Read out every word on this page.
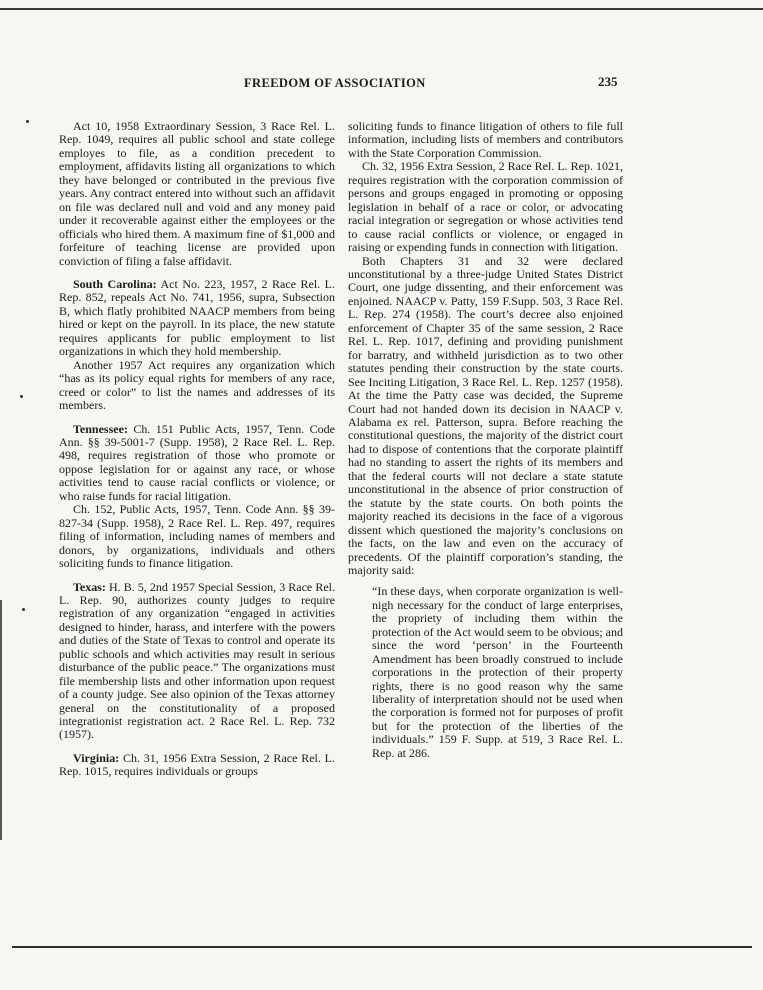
FREEDOM OF ASSOCIATION	235

Act 10, 1958 Extraordinary Session, 3 Race Rel. L. Rep. 1049, requires all public school and state college employes to file, as a condition precedent to employment, affidavits listing all organizations to which they have belonged or contributed in the previous five years. Any contract entered into without such an affidavit on file was declared null and void and any money paid under it recoverable against either the employees or the officials who hired them. A maximum fine of $1,000 and forfeiture of teaching license are provided upon conviction of filing a false affidavit.

South Carolina: Act No. 223, 1957, 2 Race Rel. L. Rep. 852, repeals Act No. 741, 1956, supra, Subsection B, which flatly prohibited NAACP members from being hired or kept on the payroll. In its place, the new statute requires applicants for public employment to list organizations in which they hold membership.

Another 1957 Act requires any organization which “has as its policy equal rights for members of any race, creed or color” to list the names and addresses of its members.

Tennessee: Ch. 151 Public Acts, 1957, Tenn. Code Ann. §§ 39-5001-7 (Supp. 1958), 2 Race Rel. L. Rep. 498, requires registration of those who promote or oppose legislation for or against any race, or whose activities tend to cause racial conflicts or violence, or who raise funds for racial litigation.

Ch. 152, Public Acts, 1957, Tenn. Code Ann. §§ 39-827-34 (Supp. 1958), 2 Race Rel. L. Rep. 497, requires filing of information, including names of members and donors, by organizations, individuals and others soliciting funds to finance litigation.

Texas: H. B. 5, 2nd 1957 Special Session, 3 Race Rel. L. Rep. 90, authorizes county judges to require registration of any organization “engaged in activities designed to hinder, harass, and interfere with the powers and duties of the State of Texas to control and operate its public schools and which activities may result in serious disturbance of the public peace.” The organizations must file membership lists and other information upon request of a county judge. See also opinion of the Texas attorney general on the constitutionality of a proposed integrationist registration act. 2 Race Rel. L. Rep. 732 (1957).

Virginia: Ch. 31, 1956 Extra Session, 2 Race Rel. L. Rep. 1015, requires individuals or groups

soliciting funds to finance litigation of others to file full information, including lists of members and contributors with the State Corporation Commission.

Ch. 32, 1956 Extra Session, 2 Race Rel. L. Rep. 1021, requires registration with the corporation commission of persons and groups engaged in promoting or opposing legislation in behalf of a race or color, or advocating racial integration or segregation or whose activities tend to cause racial conflicts or violence, or engaged in raising or expending funds in connection with litigation.

Both Chapters 31 and 32 were declared unconstitutional by a three-judge United States District Court, one judge dissenting, and their enforcement was enjoined. NAACP v. Patty, 159 F.Supp. 503, 3 Race Rel. L. Rep. 274 (1958). The court’s decree also enjoined enforcement of Chapter 35 of the same session, 2 Race Rel. L. Rep. 1017, defining and providing punishment for barratry, and withheld jurisdiction as to two other statutes pending their construction by the state courts. See Inciting Litigation, 3 Race Rel. L. Rep. 1257 (1958). At the time the Patty case was decided, the Supreme Court had not handed down its decision in NAACP v. Alabama ex rel. Patterson, supra. Before reaching the constitutional questions, the majority of the district court had to dispose of contentions that the corporate plaintiff had no standing to assert the rights of its members and that the federal courts will not declare a state statute unconstitutional in the absence of prior construction of the statute by the state courts. On both points the majority reached its decisions in the face of a vigorous dissent which questioned the majority’s conclusions on the facts, on the law and even on the accuracy of precedents. Of the plaintiff corporation’s standing, the majority said:

“In these days, when corporate organization is well-nigh necessary for the conduct of large enterprises, the propriety of including them within the protection of the Act would seem to be obvious; and since the word ‘person’ in the Fourteenth Amendment has been broadly construed to include corporations in the protection of their property rights, there is no good reason why the same liberality of interpretation should not be used when the corporation is formed not for purposes of profit but for the protection of the liberties of the individuals.” 159 F. Supp. at 519, 3 Race Rel. L. Rep. at 286.
